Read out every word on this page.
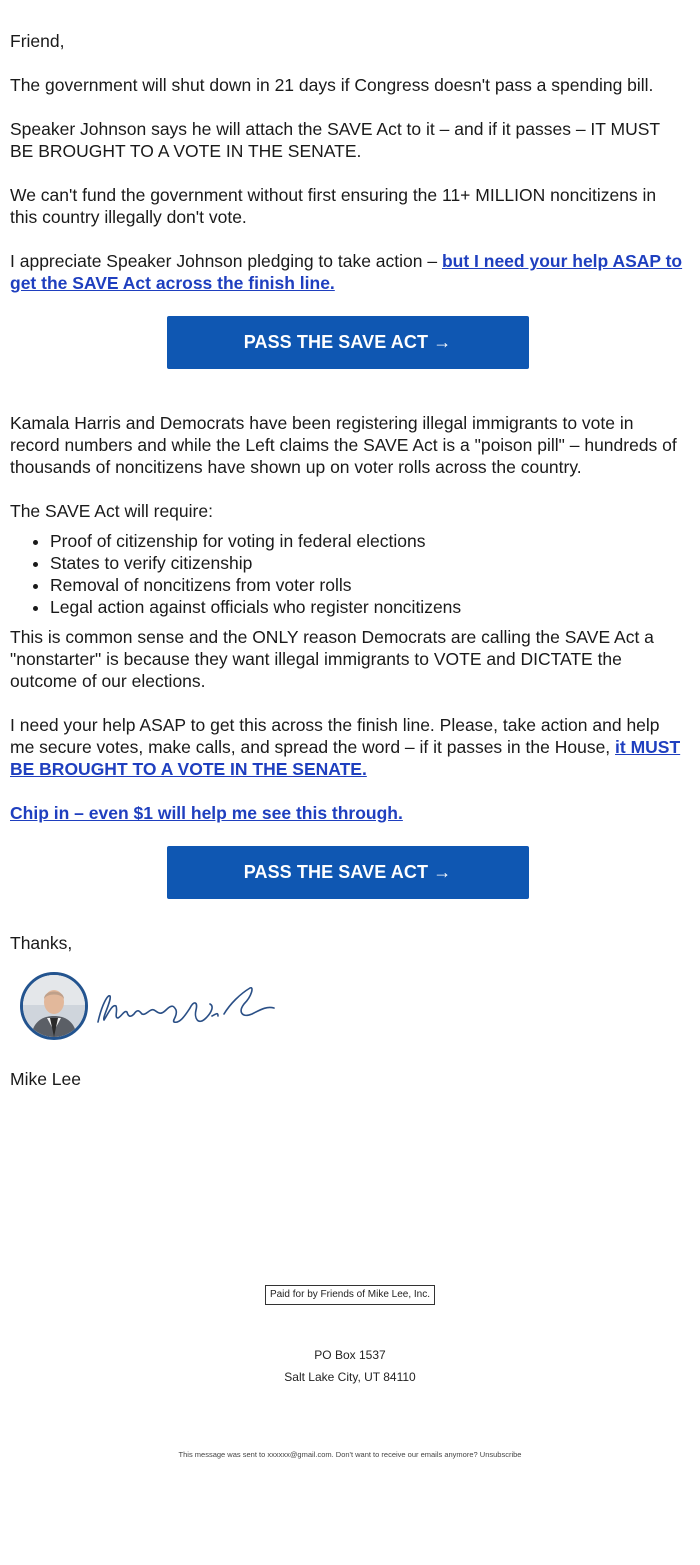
Friend,

The government will shut down in 21 days if Congress doesn't pass a spending bill.

Speaker Johnson says he will attach the SAVE Act to it – and if it passes – IT MUST BE BROUGHT TO A VOTE IN THE SENATE.

We can't fund the government without first ensuring the 11+ MILLION noncitizens in this country illegally don't vote.

I appreciate Speaker Johnson pledging to take action – but I need your help ASAP to get the SAVE Act across the finish line.

PASS THE SAVE ACT →

Kamala Harris and Democrats have been registering illegal immigrants to vote in record numbers and while the Left claims the SAVE Act is a "poison pill" – hundreds of thousands of noncitizens have shown up on voter rolls across the country.

The SAVE Act will require:

• Proof of citizenship for voting in federal elections
• States to verify citizenship
• Removal of noncitizens from voter rolls
• Legal action against officials who register noncitizens

This is common sense and the ONLY reason Democrats are calling the SAVE Act a "nonstarter" is because they want illegal immigrants to VOTE and DICTATE the outcome of our elections.

I need your help ASAP to get this across the finish line. Please, take action and help me secure votes, make calls, and spread the word – if it passes in the House, it MUST BE BROUGHT TO A VOTE IN THE SENATE.

Chip in – even $1 will help me see this through.

PASS THE SAVE ACT →

Thanks,

Mike Lee

Paid for by Friends of Mike Lee, Inc.
PO Box 1537
Salt Lake City, UT 84110
This message was sent to xxxxxx@gmail.com. Don't want to receive our emails anymore? Unsubscribe
